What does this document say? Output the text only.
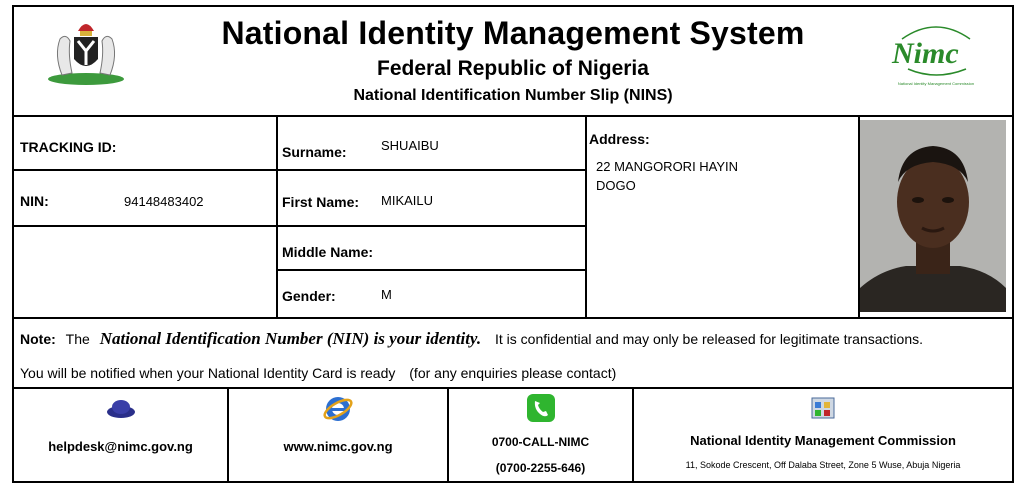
National Identity Management System
Federal Republic of Nigeria
National Identification Number Slip (NINS)
Nimc
National Identity Management Commission
TRACKING ID:
NIN:	94148483402
Surname:	SHUAIBU
First Name: MIKAILU
Middle Name:
Gender:	M
Address:
22 MANGORORI HAYIN
DOGO
Note: The National Identification Number (NIN) is your identity. It is confidential and may only be released for legitimate transactions.
You will be notified when your National Identity Card is ready (for any enquiries please contact)
helpdesk@nimc.gov.ng	www.nimc.gov.ng	0700-CALL-NIMC
(0700-2255-646)
National Identity Management Commission
11, Sokode Crescent, Off Dalaba Street, Zone 5 Wuse, Abuja Nigeria
